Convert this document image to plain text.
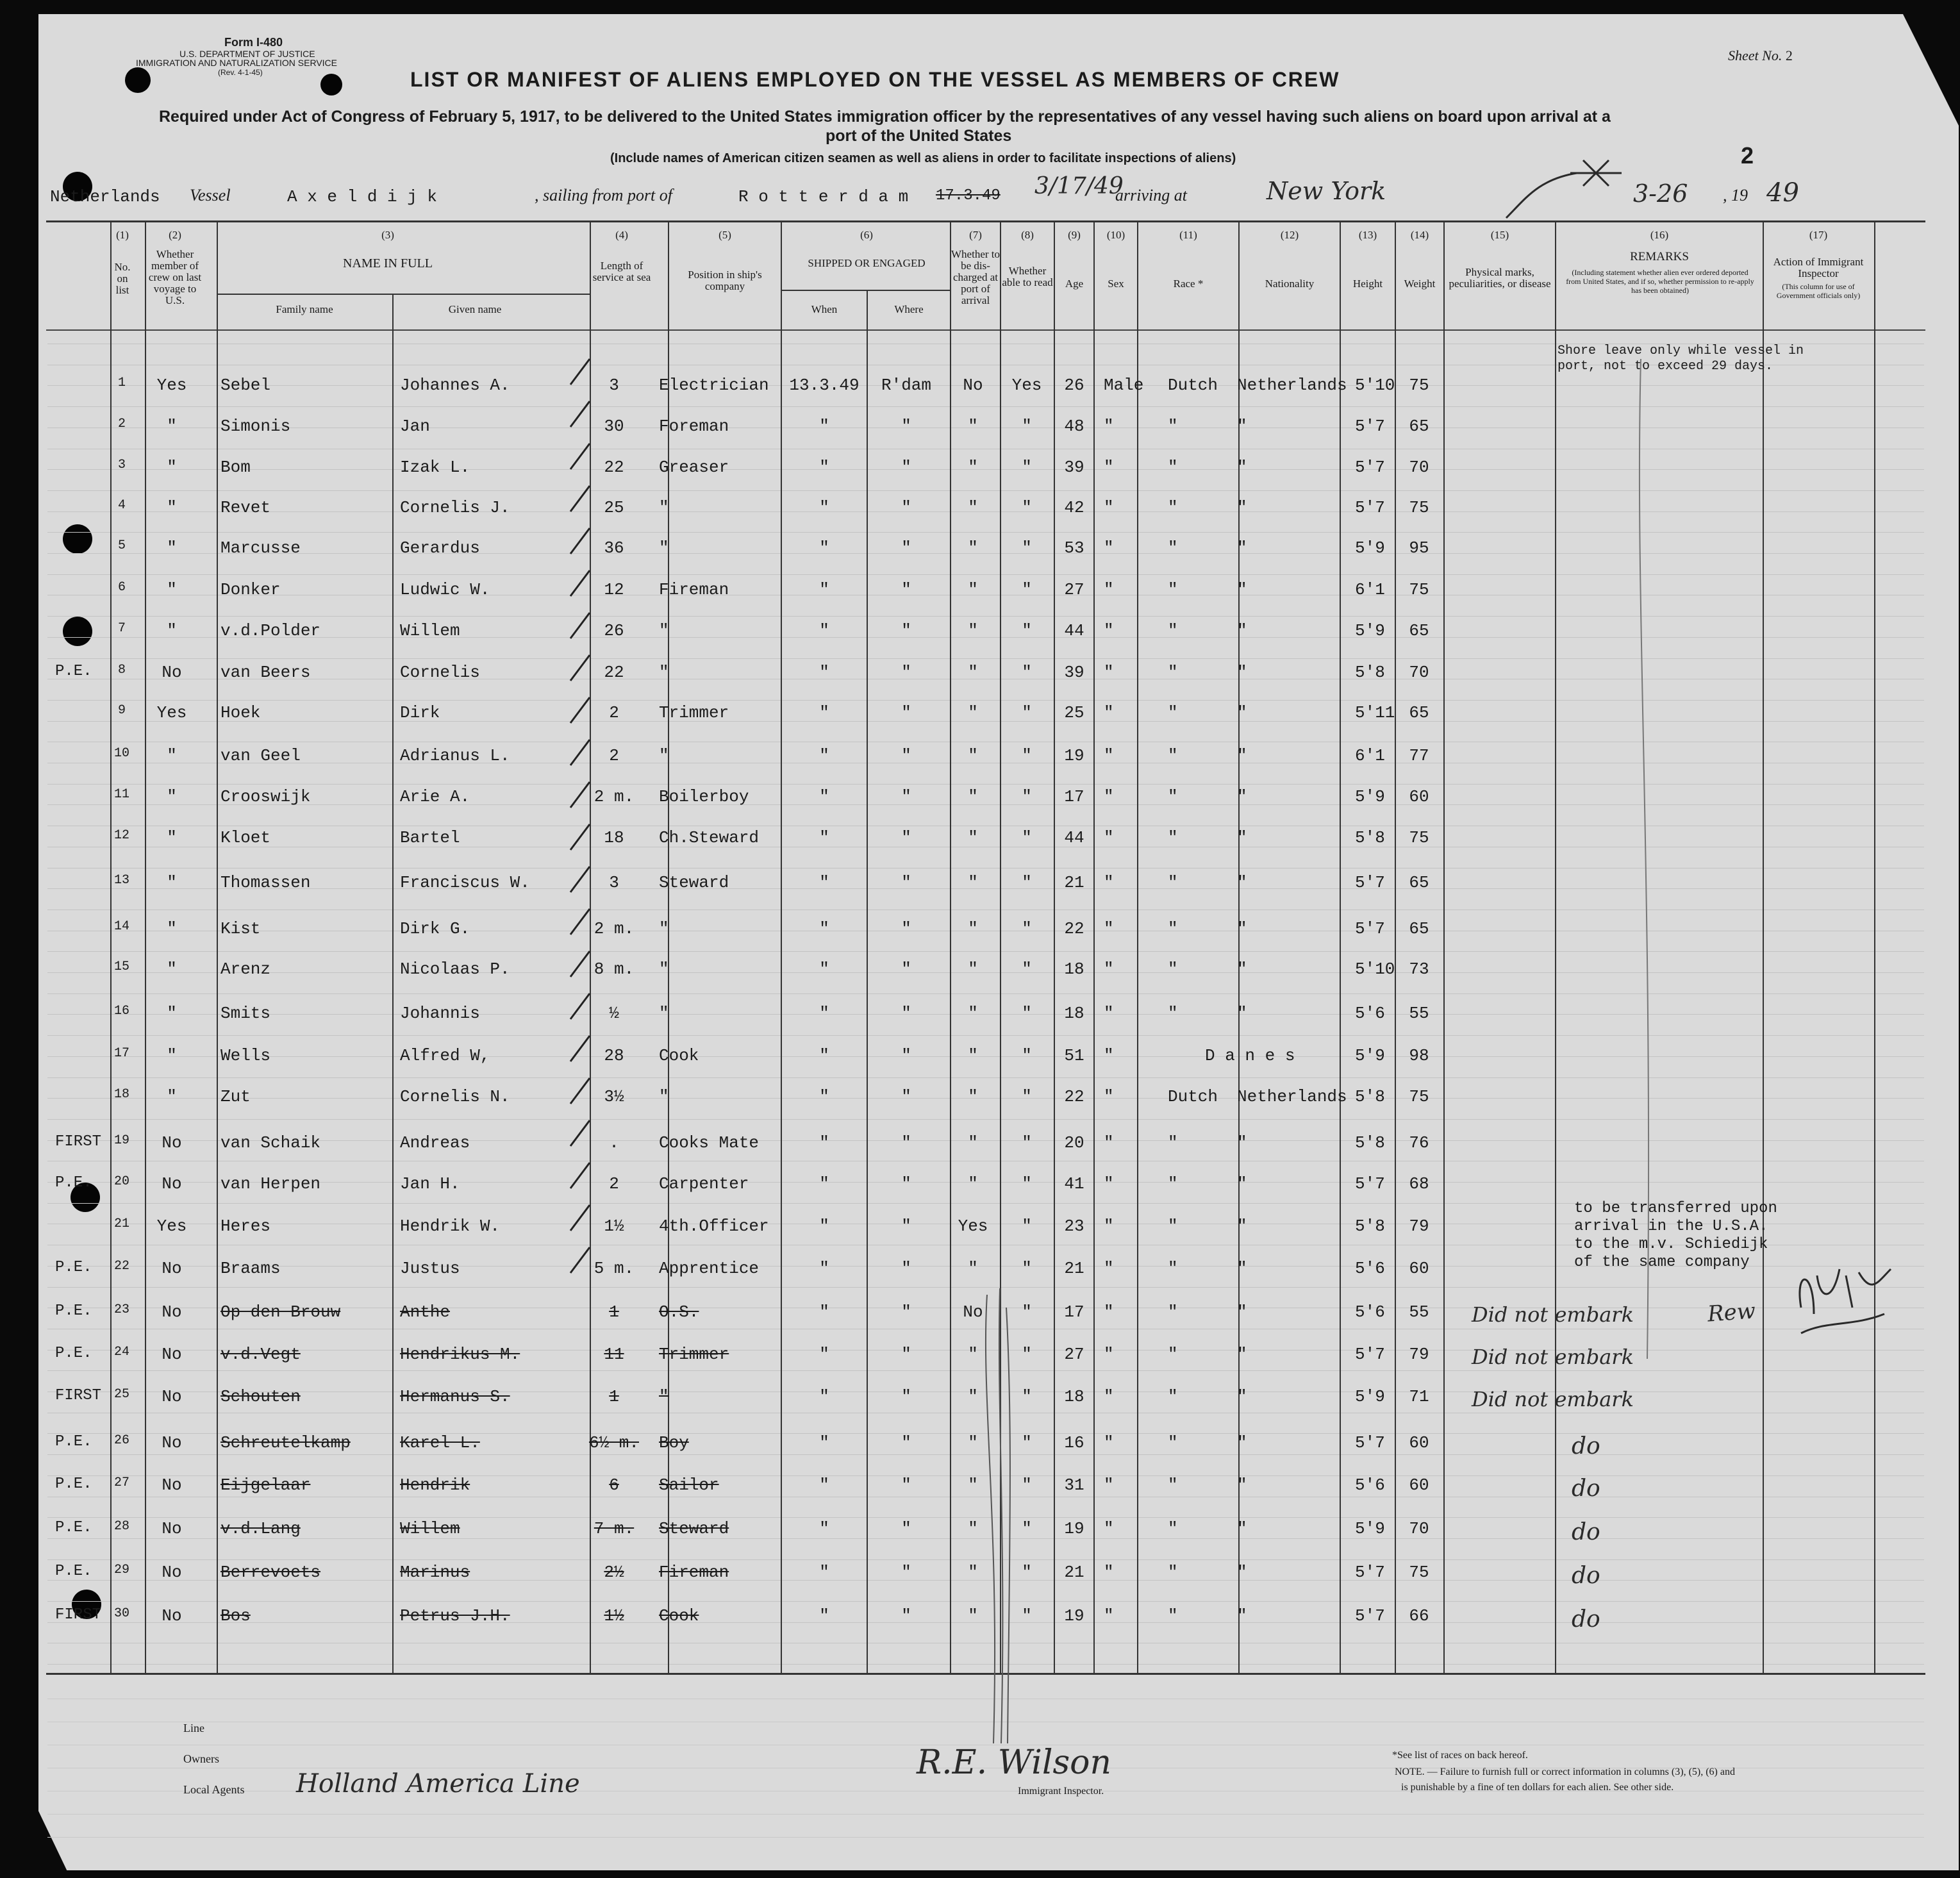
Form I-480
U.S. DEPARTMENT OF JUSTICE
IMMIGRATION AND NATURALIZATION SERVICE
(Rev. 4-1-45)
Sheet No. 2
LIST OR MANIFEST OF ALIENS EMPLOYED ON THE VESSEL AS MEMBERS OF CREW
Required under Act of Congress of February 5, 1917, to be delivered to the United States immigration officer by the representatives of any vessel having such aliens on board upon arrival at a
port of the United States
(Include names of American citizen seamen as well as aliens in order to facilitate inspections of aliens)	2
Netherlands Vessel	A x e l d i j k	, sailing from port of	R o t t e r d a m 17.3.49 3/17/49
arriving at	New York	3-26 , 19 49
(1)
No. on list
(2)
Whether member of crew on last voyage to U.S.
(3)
NAME IN FULL
Family name	Given name
(4)
Length of service at sea
(5)
Position in ship's company
(6)
SHIPPED OR ENGAGED
When	Where
(7)
Whether to be dis-charged at port of arrival
(8)
Whether able to read
(9)
Age
(10)
Sex
(11)
Race *
(12)
Nationality
(13)
Height
(14)
Weight
(15)
Physical marks, peculiarities, or disease
(16)
REMARKS
(Including statement whether alien ever ordered deported from United States, and if so, whether permission to re-apply has been obtained)
(17)
Action of Immigrant Inspector
(This column for use of Government officials only)
1	Yes	Sebel	Johannes A.	3	Electrician 13.3.49	R'dam	No	Yes	26	Male Dutch Netherlands 5'10 75
2	"	Simonis	Jan	30	Foreman	"	"	"	"	48	"	"	"	5'7	65
3	"	Bom	Izak L.	22	Greaser	"	"	"	"	39	"	"	"	5'7	70
4	"	Revet	Cornelis J.	25	"	"	"	"	"	42	"	"	"	5'7	75
5	"	Marcusse	Gerardus	36	"	"	"	"	"	53	"	"	"	5'9	95
6	"	Donker	Ludwic W.	12	Fireman	"	"	"	"	27	"	"	"	6'1	75
7	"	v.d.Polder	Willem	26	"	"	"	"	"	44	"	"	"	5'9	65
P.E.	8	No	van Beers	Cornelis	22	"	"	"	"	"	39	"	"	"	5'8	70
9	Yes	Hoek	Dirk	2	Trimmer	"	"	"	"	25	"	"	"	5'11 65
10	"	van Geel	Adrianus L.	2	"	"	"	"	"	19	"	"	"	6'1	77
11	"	Crooswijk	Arie A.	2 m.	Boilerboy	"	"	"	"	17	"	"	"	5'9	60
12	"	Kloet	Bartel	18	Ch.Steward	"	"	"	"	44	"	"	"	5'8	75
13	"	Thomassen	Franciscus W.	3	Steward	"	"	"	"	21	"	"	"	5'7	65
14	"	Kist	Dirk G.	2 m.	"	"	"	"	"	22	"	"	"	5'7	65
15	"	Arenz	Nicolaas P.	8 m.	"	"	"	"	"	18	"	"	"	5'10 73
16	"	Smits	Johannis	½	"	"	"	"	"	18	"	"	"	5'6	55
17	"	Wells	Alfred W,	28	Cook	"	"	"	"	51	"	D a n e s	5'9	98
18	"	Zut	Cornelis N.	3½	"	"	"	"	"	22	"	Dutch Netherlands 5'8	75
FIRST 19	No	van Schaik	Andreas	.	Cooks Mate	"	"	"	"	20	"	"	"	5'8	76
P.E.	20	No	van Herpen	Jan H.	2	Carpenter	"	"	"	"	41	"	"	"	5'7	68
21	Yes	Heres	Hendrik W.	1½	4th.Officer	"	"	Yes	"	23	"	"	"	5'8	79
P.E.	22	No	Braams	Justus	5 m.	Apprentice	"	"	"	"	21	"	"	"	5'6	60
P.E.	23	No	Op den Brouw	Anthe	1	O.S.	"	"	No	"	17	"	"	"	5'6	55	Did not embark
P.E.	24	No	v.d.Vegt	Hendrikus M.	11	Trimmer	"	"	"	"	27	"	"	"	5'7	79	Did not embark
FIRST 25	No	Schouten	Hermanus S.	1	"	"	"	"	"	18	"	"	"	5'9	71	Did not embark
P.E.	26	No	Schreutelkamp	Karel L.	6½ m.	Boy	"	"	"	"	16	"	"	"	5'7	60	do
P.E.	27	No	Eijgelaar	Hendrik	6	Sailor	"	"	"	"	31	"	"	"	5'6	60	do
P.E.	28	No	v.d.Lang	Willem	7 m.	Steward	"	"	"	"	19	"	"	"	5'9	70	do
P.E.	29	No	Berrevoets	Marinus	2½	Fireman	"	"	"	"	21	"	"	"	5'7	75	do
FIRST 30	No	Bos	Petrus J.H.	1½	Cook	"	"	"	"	19	"	"	"	5'7	66	do
Shore leave only while vessel in port, not to exceed 29 days.
to be transferred upon arrival in the U.S.A. to the m.v. Schiedijk of the same company
Rew
Line
Owners
Local Agents Holland America Line
R.E. Wilson
Immigrant Inspector.
*See list of races on back hereof.
NOTE. — Failure to furnish full or correct information in columns (3), (5), (6) and
is punishable by a fine of ten dollars for each alien. See other side.
